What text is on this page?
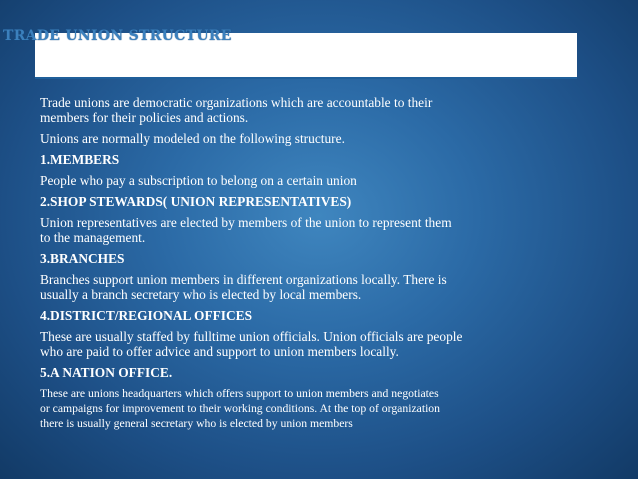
TRADE UNION STRUCTURE

Trade unions are democratic organizations which are accountable to their
members for their policies and actions.

Unions are normally modeled on the following structure.

1.MEMBERS

People who pay a subscription to belong on a certain union

2.SHOP STEWARDS( UNION REPRESENTATIVES)

Union representatives are elected by members of the union to represent them
to the management.

3.BRANCHES

Branches support union members in different organizations locally. There is
usually a branch secretary who is elected by local members.

4.DISTRICT/REGIONAL OFFICES

These are usually staffed by fulltime union officials. Union officials are people
who are paid to offer advice and support to union members locally.

5.A NATION OFFICE.

These are unions headquarters which offers support to union members and negotiates
or campaigns for improvement to their working conditions. At the top of organization
there is usually general secretary who is elected by union members
